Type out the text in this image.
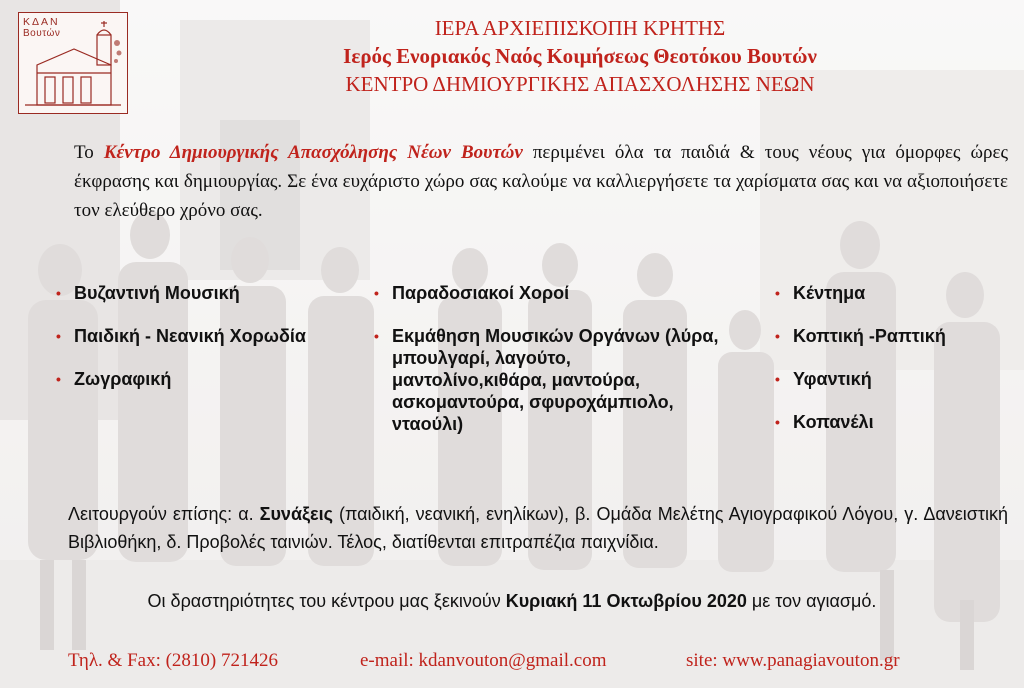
ΚΔΑΝ
Βουτών	ΙΕΡΑ ΑΡΧΙΕΠΙΣΚΟΠΗ ΚΡΗΤΗΣ
Ιερός Ενοριακός Ναός Κοιμήσεως Θεοτόκου Βουτών
ΚΕΝΤΡΟ ΔΗΜΙΟΥΡΓΙΚΗΣ ΑΠΑΣΧΟΛΗΣΗΣ ΝΕΩΝ
Το Κέντρο Δημιουργικής Απασχόλησης Νέων Βουτών περιμένει όλα τα παιδιά & τους νέους για όμορφες ώρες έκφρασης και δημιουργίας. Σε ένα ευχάριστο χώρο σας καλούμε να καλλιεργήσετε τα χαρίσματα σας και να αξιοποιήσετε τον ελεύθερο χρόνο σας.
• Βυζαντινή Μουσική
• Παιδική - Νεανική Χορωδία
• Ζωγραφική
• Παραδοσιακοί Χοροί
• Εκμάθηση Μουσικών Οργάνων (λύρα, μπουλγαρί, λαγούτο, μαντολίνο,κιθάρα, μαντούρα, ασκομαντούρα, σφυροχάμπιολο, νταούλι)
• Κέντημα
• Κοπτική -Ραπτική
• Υφαντική
• Κοπανέλι
Λειτουργούν επίσης: α. Συνάξεις (παιδική, νεανική, ενηλίκων), β. Ομάδα Μελέτης Αγιογραφικού Λόγου, γ. Δανειστική Βιβλιοθήκη, δ. Προβολές ταινιών. Τέλος, διατίθενται επιτραπέζια παιχνίδια.
Οι δραστηριότητες του κέντρου μας ξεκινούν Κυριακή 11 Οκτωβρίου 2020 με τον αγιασμό.
Τηλ. & Fax: (2810) 721426	e-mail: kdanvouton@gmail.com	site: www.panagiavouton.gr
